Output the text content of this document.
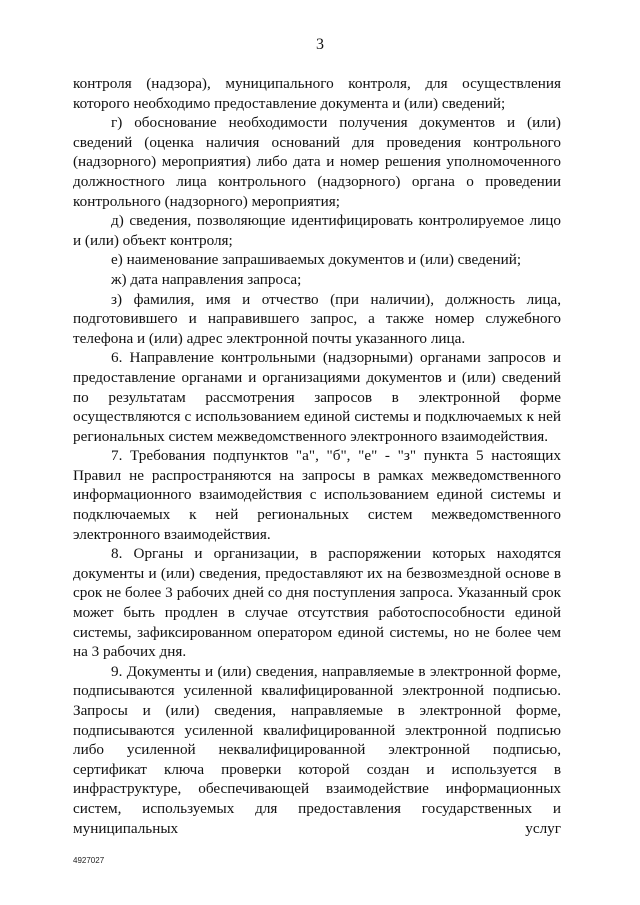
3

контроля (надзора), муниципального контроля, для осуществления которого необходимо предоставление документа и (или) сведений;

г) обоснование необходимости получения документов и (или) сведений (оценка наличия оснований для проведения контрольного (надзорного) мероприятия) либо дата и номер решения уполномоченного должностного лица контрольного (надзорного) органа о проведении контрольного (надзорного) мероприятия;

д) сведения, позволяющие идентифицировать контролируемое лицо и (или) объект контроля;

е) наименование запрашиваемых документов и (или) сведений;

ж) дата направления запроса;

з) фамилия, имя и отчество (при наличии), должность лица, подготовившего и направившего запрос, а также номер служебного телефона и (или) адрес электронной почты указанного лица.

6. Направление контрольными (надзорными) органами запросов и предоставление органами и организациями документов и (или) сведений по результатам рассмотрения запросов в электронной форме осуществляются с использованием единой системы и подключаемых к ней региональных систем межведомственного электронного взаимодействия.

7. Требования подпунктов "а", "б", "е" - "з" пункта 5 настоящих Правил не распространяются на запросы в рамках межведомственного информационного взаимодействия с использованием единой системы и подключаемых к ней региональных систем межведомственного электронного взаимодействия.

8. Органы и организации, в распоряжении которых находятся документы и (или) сведения, предоставляют их на безвозмездной основе в срок не более 3 рабочих дней со дня поступления запроса. Указанный срок может быть продлен в случае отсутствия работоспособности единой системы, зафиксированном оператором единой системы, но не более чем на 3 рабочих дня.

9. Документы и (или) сведения, направляемые в электронной форме, подписываются усиленной квалифицированной электронной подписью. Запросы и (или) сведения, направляемые в электронной форме, подписываются усиленной квалифицированной электронной подписью либо усиленной неквалифицированной электронной подписью, сертификат ключа проверки которой создан и используется в инфраструктуре, обеспечивающей взаимодействие информационных систем, используемых для предоставления государственных и муниципальных услуг

4927027
